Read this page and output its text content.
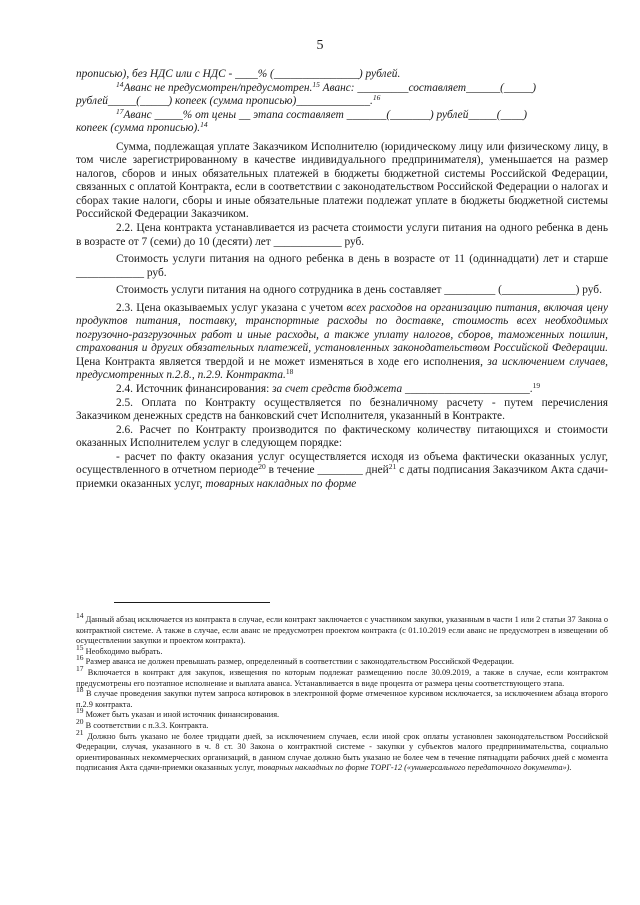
5

прописью), без НДС или с НДС - ____% (_______________) рублей.

$^{14}$Аванс не предусмотрен/предусмотрен.$^{15}$ Аванс: _________составляет______(_____)

рублей_____(_____) копеек (сумма прописью)_____________.$^{16}$

$^{17}$Аванс _____% от цены __ этапа составляет _______(_______) рублей_____(____)

копеек (сумма прописью).$^{14}$

Сумма, подлежащая уплате Заказчиком Исполнителю (юридическому лицу или физическому лицу, в том числе зарегистрированному в качестве индивидуального предпринимателя), уменьшается на размер налогов, сборов и иных обязательных платежей в бюджеты бюджетной системы Российской Федерации, связанных с оплатой Контракта, если в соответствии с законодательством Российской Федерации о налогах и сборах такие налоги, сборы и иные обязательные платежи подлежат уплате в бюджеты бюджетной системы Российской Федерации Заказчиком.

2.2. Цена контракта устанавливается из расчета стоимости услуги питания на одного ребенка в день в возрасте от 7 (семи) до 10 (десяти) лет ____________ руб.

Стоимость услуги питания на одного ребенка в день в возрасте от 11 (одиннадцати) лет и старше ____________ руб.

Стоимость услуги питания на одного сотрудника в день составляет _________ (_____________) руб.

2.3. Цена оказываемых услуг указана с учетом всех расходов на организацию питания, включая цену продуктов питания, поставку, транспортные расходы по доставке, стоимость всех необходимых погрузочно-разгрузочных работ и иные расходы, а также уплату налогов, сборов, таможенных пошлин, страхования и других обязательных платежей, установленных законодательством Российской Федерации. Цена Контракта является твердой и не может изменяться в ходе его исполнения, за исключением случаев, предусмотренных п.2.8., п.2.9. Контракта.$^{18}$

2.4. Источник финансирования: за счет средств бюджета ______________________.$^{19}$

2.5. Оплата по Контракту осуществляется по безналичному расчету - путем перечисления Заказчиком денежных средств на банковский счет Исполнителя, указанный в Контракте.

2.6. Расчет по Контракту производится по фактическому количеству питающихся и стоимости оказанных Исполнителем услуг в следующем порядке:

- расчет по факту оказания услуг осуществляется исходя из объема фактически оказанных услуг, осуществленного в отчетном периоде$^{20}$ в течение ________ дней$^{21}$ с даты подписания Заказчиком Акта сдачи-приемки оказанных услуг, товарных накладных по форме

$^{14}$ Данный абзац исключается из контракта в случае, если контракт заключается с участником закупки, указанным в части 1 или 2 статьи 37 Закона о контрактной системе. А также в случае, если аванс не предусмотрен проектом контракта (с 01.10.2019 если аванс не предусмотрен в извещении об осуществлении закупки и проектом контракта).

$^{15}$ Необходимо выбрать.

$^{16}$ Размер аванса не должен превышать размер, определенный в соответствии с законодательством Российской Федерации.

$^{17}$ Включается в контракт для закупок, извещения по которым подлежат размещению после 30.09.2019, а также в случае, если контрактом предусмотрены его поэтапное исполнение и выплата аванса. Устанавливается в виде процента от размера цены соответствующего этапа.

$^{18}$ В случае проведения закупки путем запроса котировок в электронной форме отмеченное курсивом исключается, за исключением абзаца второго п.2.9 контракта.

$^{19}$ Может быть указан и иной источник финансирования.

$^{20}$ В соответствии с п.3.3. Контракта.

$^{21}$ Должно быть указано не более тридцати дней, за исключением случаев, если иной срок оплаты установлен законодательством Российской Федерации, случая, указанного в ч. 8 ст. 30 Закона о контрактной системе - закупки у субъектов малого предпринимательства, социально ориентированных некоммерческих организаций, в данном случае должно быть указано не более чем в течение пятнадцати рабочих дней с момента подписания Акта сдачи-приемки оказанных услуг, товарных накладных по форме ТОРГ-12 («универсального передаточного документа»).
